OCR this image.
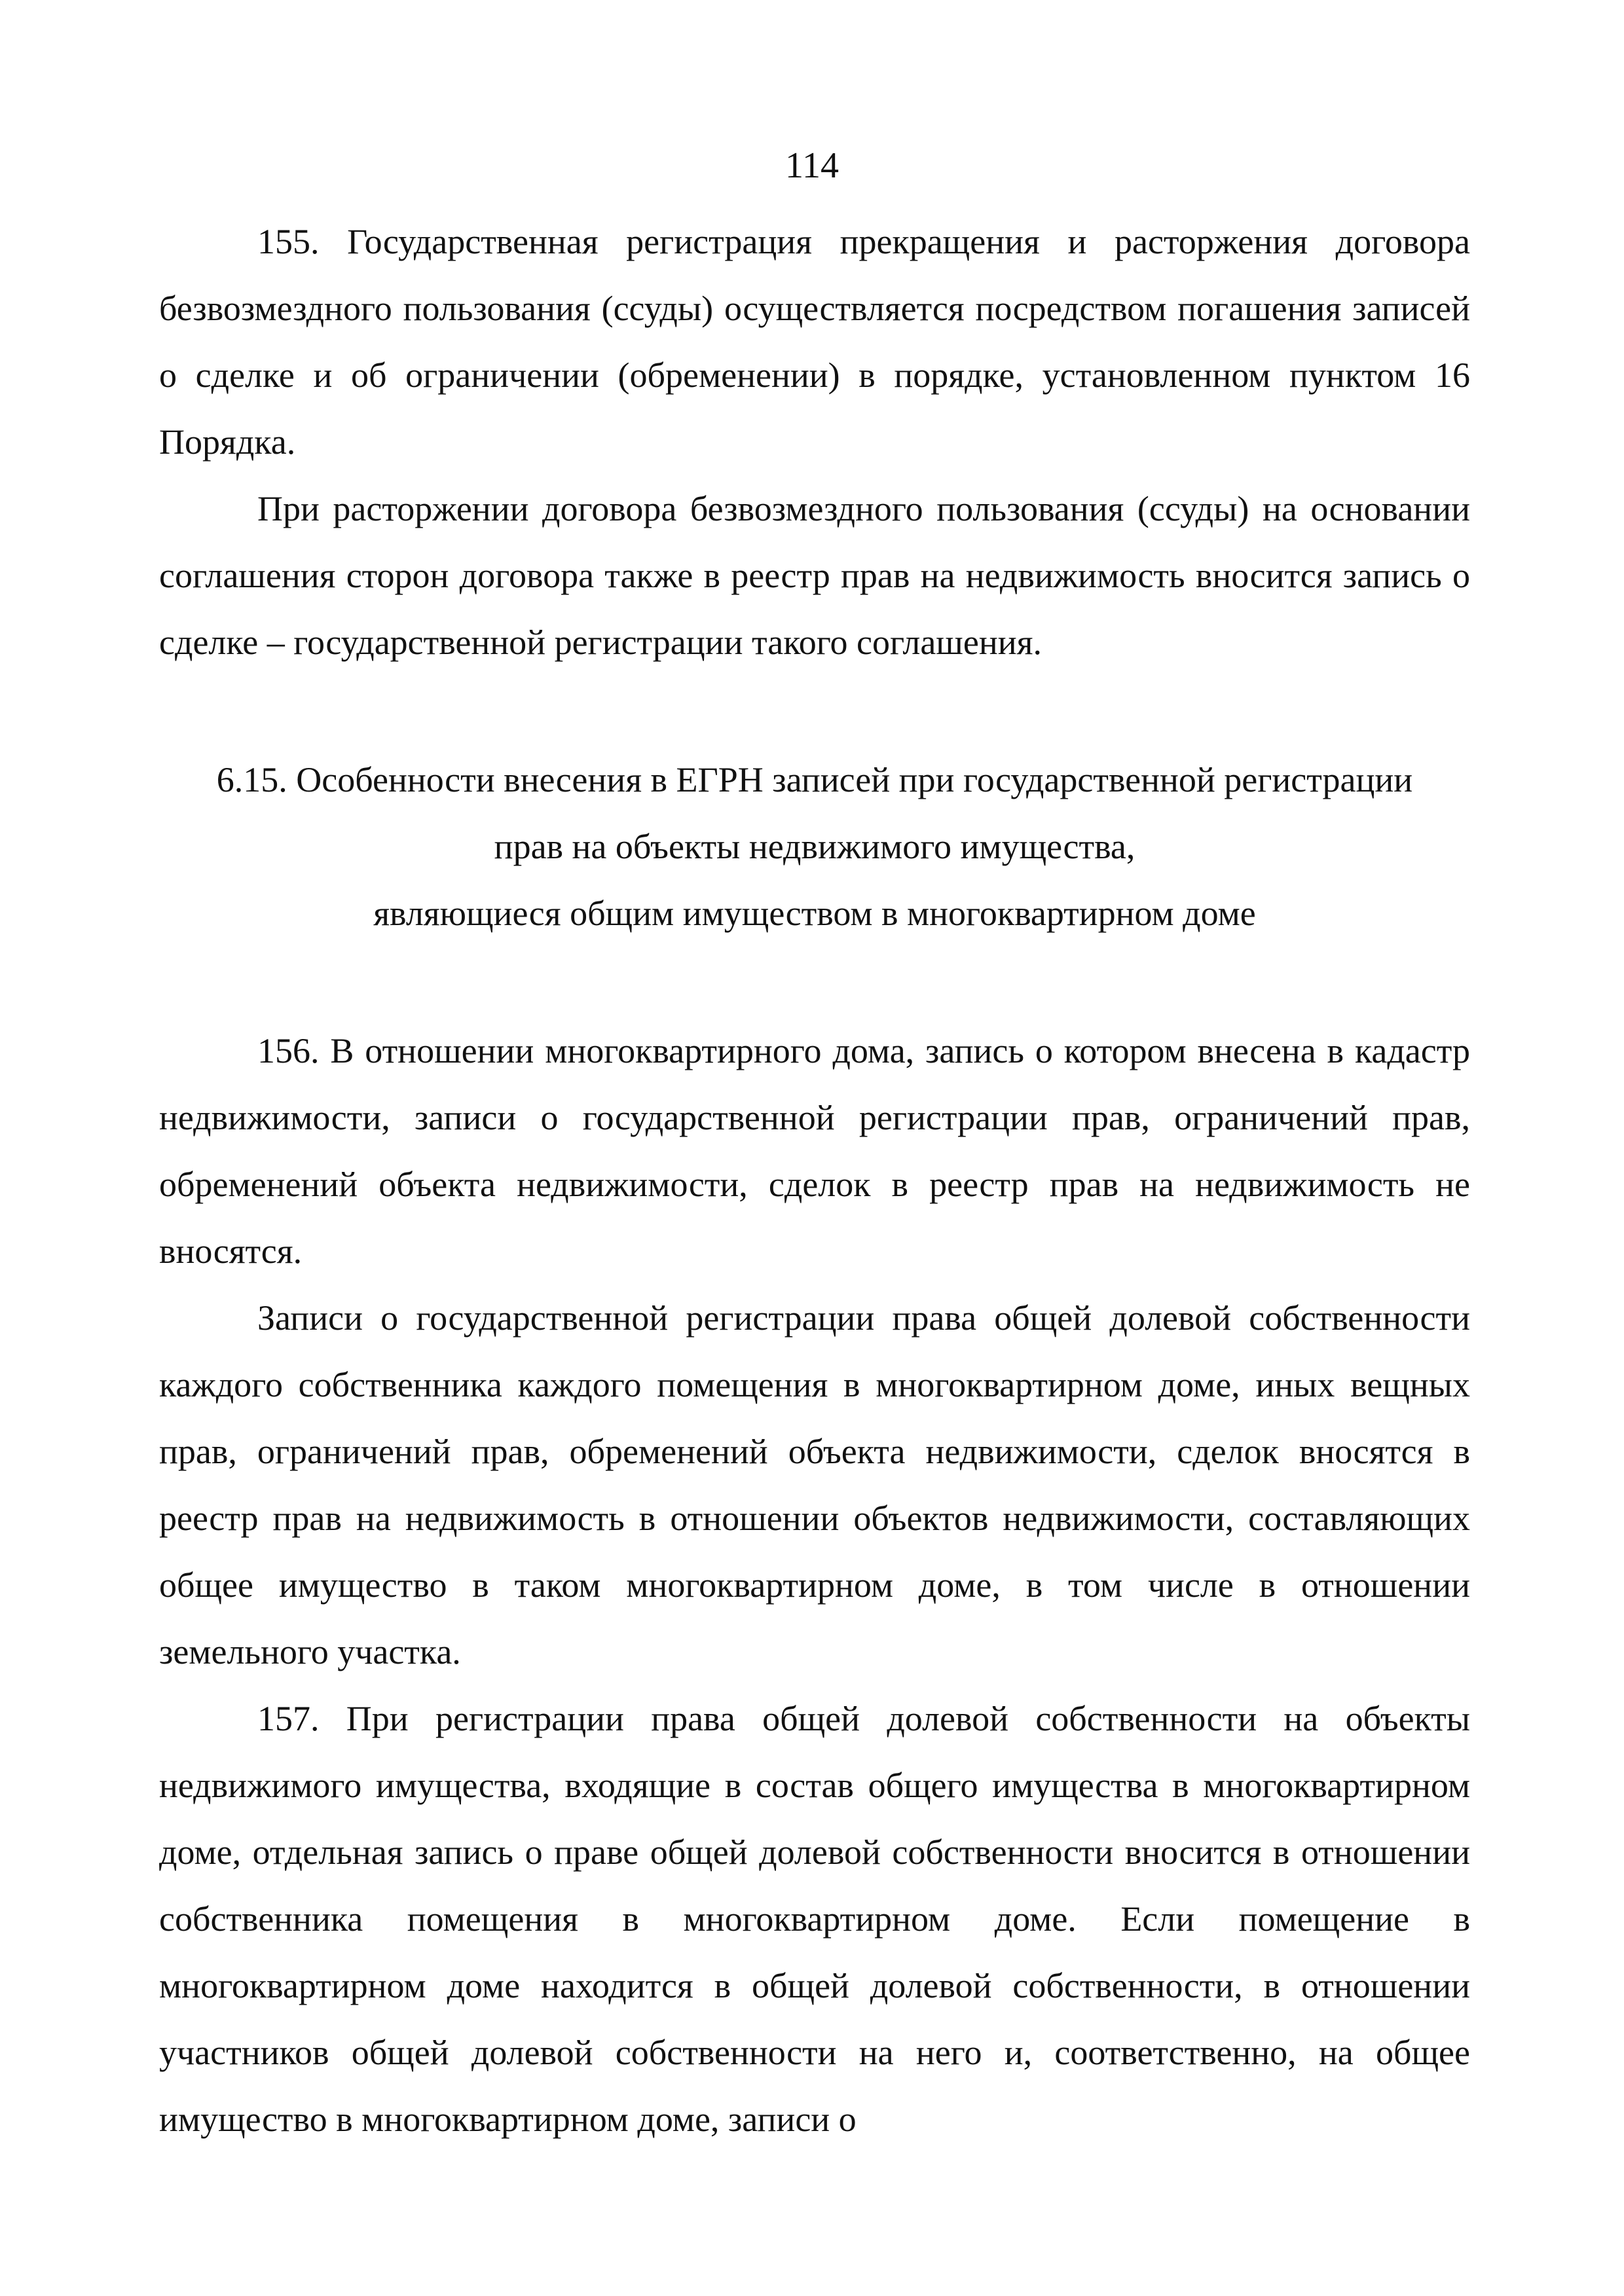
114

155. Государственная регистрация прекращения и расторжения договора безвозмездного пользования (ссуды) осуществляется посредством погашения записей о сделке и об ограничении (обременении) в порядке, установленном пунктом 16 Порядка.

При расторжении договора безвозмездного пользования (ссуды) на основании соглашения сторон договора также в реестр прав на недвижимость вносится запись о сделке – государственной регистрации такого соглашения.

6.15. Особенности внесения в ЕГРН записей при государственной регистрации
прав на объекты недвижимого имущества,
являющиеся общим имуществом в многоквартирном доме

156. В отношении многоквартирного дома, запись о котором внесена в кадастр недвижимости, записи о государственной регистрации прав, ограничений прав, обременений объекта недвижимости, сделок в реестр прав на недвижимость не вносятся.

Записи о государственной регистрации права общей долевой собственности каждого собственника каждого помещения в многоквартирном доме, иных вещных прав, ограничений прав, обременений объекта недвижимости, сделок вносятся в реестр прав на недвижимость в отношении объектов недвижимости, составляющих общее имущество в таком многоквартирном доме, в том числе в отношении земельного участка.

157. При регистрации права общей долевой собственности на объекты недвижимого имущества, входящие в состав общего имущества в многоквартирном доме, отдельная запись о праве общей долевой собственности вносится в отношении собственника помещения в многоквартирном доме. Если помещение в многоквартирном доме находится в общей долевой собственности, в отношении участников общей долевой собственности на него и, соответственно, на общее имущество в многоквартирном доме, записи о
